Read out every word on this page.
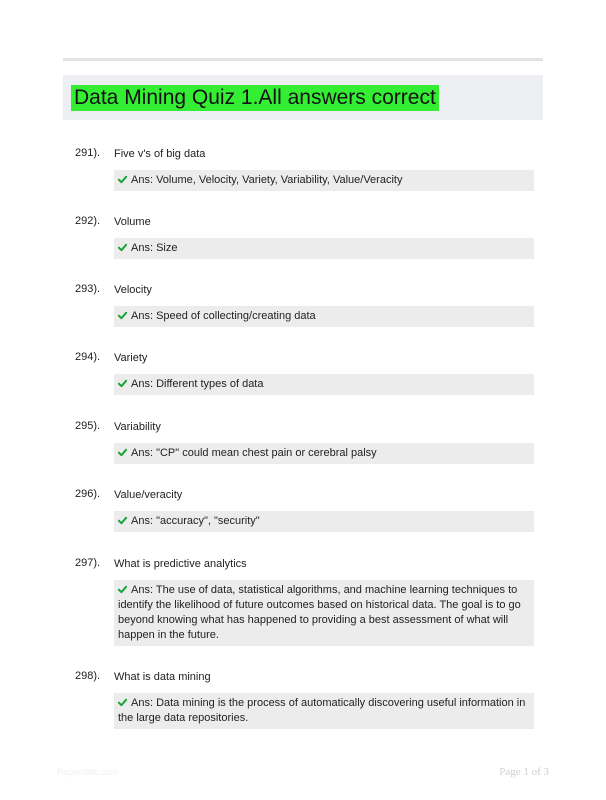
Data Mining Quiz 1.All answers correct
291). Five v's of big data
Ans: Volume, Velocity, Variety, Variability, Value/Veracity
292). Volume
Ans: Size
293). Velocity
Ans: Speed of collecting/creating data
294). Variety
Ans: Different types of data
295). Variability
Ans: "CP" could mean chest pain or cerebral palsy
296). Value/veracity
Ans: "accuracy", "security"
297). What is predictive analytics
Ans: The use of data, statistical algorithms, and machine learning techniques to identify the likelihood of future outcomes based on historical data. The goal is to go beyond knowing what has happened to providing a best assessment of what will happen in the future.
298). What is data mining
Ans: Data mining is the process of automatically discovering useful information in the large data repositories.
Paperstitic.com	Page 1 of 3
